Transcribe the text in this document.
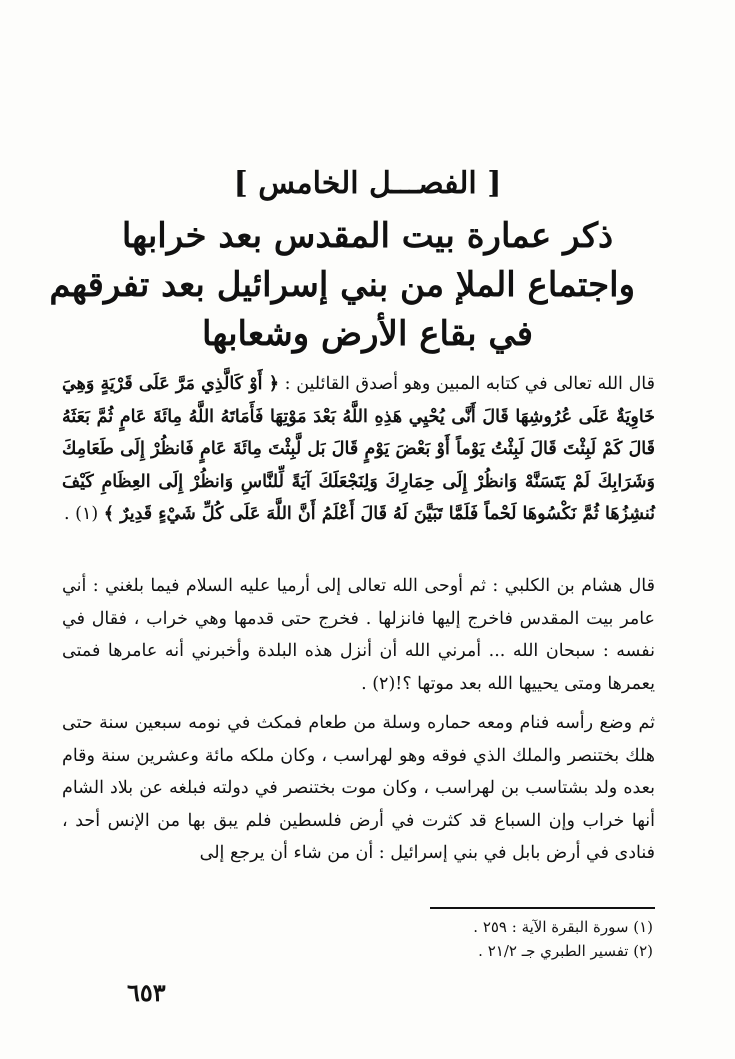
[ الفصـــل الخامس ]
ذكر عمارة بيت المقدس بعد خرابها
واجتماع الملإ من بني إسرائيل بعد تفرقهم
في بقاع الأرض وشعابها

قال الله تعالى في كتابه المبين وهو أصدق القائلين : ﴿ أَوْ كَالَّذِي مَرَّ عَلَى قَرْيَةٍ وَهِيَ خَاوِيَةٌ عَلَى عُرُوشِهَا قَالَ أَنَّى يُحْيِي هَذِهِ اللَّهُ بَعْدَ مَوْتِهَا فَأَمَاتَهُ اللَّهُ مِائَةَ عَامٍ ثُمَّ بَعَثَهُ قَالَ كَمْ لَبِثْتَ قَالَ لَبِثْتُ يَوْماً أَوْ بَعْضَ يَوْمٍ قَالَ بَل لَّبِثْتَ مِائَةَ عَامٍ فَانظُرْ إِلَى طَعَامِكَ وَشَرَابِكَ لَمْ يَتَسَنَّهْ وَانظُرْ إِلَى حِمَارِكَ وَلِنَجْعَلَكَ آيَةً لِّلنَّاسِ وَانظُرْ إِلَى العِظَامِ كَيْفَ نُنشِزُهَا ثُمَّ نَكْسُوهَا لَحْماً فَلَمَّا تَبَيَّنَ لَهُ قَالَ أَعْلَمُ أَنَّ اللَّهَ عَلَى كُلِّ شَيْءٍ قَدِيرٌ ﴾ (١) .

قال هشام بن الكلبي : ثم أوحى الله تعالى إلى أرميا عليه السلام فيما بلغني : أني عامر بيت المقدس فاخرج إليها فانزلها . فخرج حتى قدمها وهي خراب ، فقال في نفسه : سبحان الله ... أمرني الله أن أنزل هذه البلدة وأخبرني أنه عامرها فمتى يعمرها ومتى يحييها الله بعد موتها ؟!(٢) .

ثم وضع رأسه فنام ومعه حماره وسلة من طعام فمكث في نومه سبعين سنة حتى هلك بختنصر والملك الذي فوقه وهو لهراسب ، وكان ملكه مائة وعشرين سنة وقام بعده ولد بشتاسب بن لهراسب ، وكان موت بختنصر في دولته فبلغه عن بلاد الشام أنها خراب وإن السباع قد كثرت في أرض فلسطين فلم يبق بها من الإنس أحد ، فنادى في أرض بابل في بني إسرائيل : أن من شاء أن يرجع إلى

(١) سورة البقرة الآية : ٢٥٩ .
(٢) تفسير الطبري جـ ٢١/٢ .
٦٥٣
